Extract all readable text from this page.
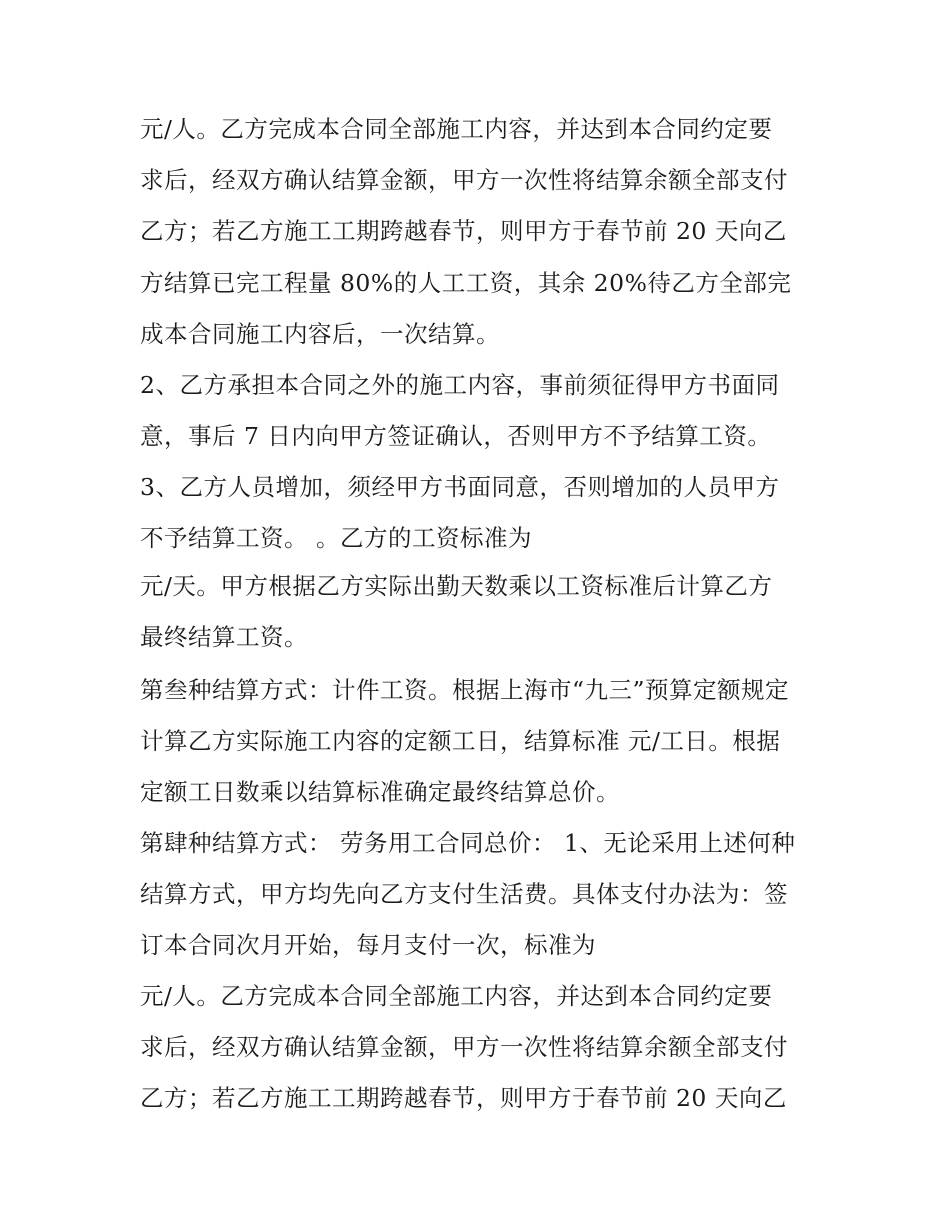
元/人。乙方完成本合同全部施工内容，并达到本合同约定要
求后，经双方确认结算金额，甲方一次性将结算余额全部支付
乙方；若乙方施工工期跨越春节，则甲方于春节前 20 天向乙
方结算已完工程量 80%的人工工资，其余 20%待乙方全部完
成本合同施工内容后，一次结算。
2、乙方承担本合同之外的施工内容，事前须征得甲方书面同
意，事后 7 日内向甲方签证确认，否则甲方不予结算工资。
3、乙方人员增加，须经甲方书面同意，否则增加的人员甲方
不予结算工资。 。乙方的工资标准为
元/天。甲方根据乙方实际出勤天数乘以工资标准后计算乙方
最终结算工资。
第叁种结算方式：计件工资。根据上海市“九三”预算定额规定
计算乙方实际施工内容的定额工日，结算标准 元/工日。根据
定额工日数乘以结算标准确定最终结算总价。
第肆种结算方式： 劳务用工合同总价： 1、无论采用上述何种
结算方式，甲方均先向乙方支付生活费。具体支付办法为：签
订本合同次月开始，每月支付一次，标准为
元/人。乙方完成本合同全部施工内容，并达到本合同约定要
求后，经双方确认结算金额，甲方一次性将结算余额全部支付
乙方；若乙方施工工期跨越春节，则甲方于春节前 20 天向乙
